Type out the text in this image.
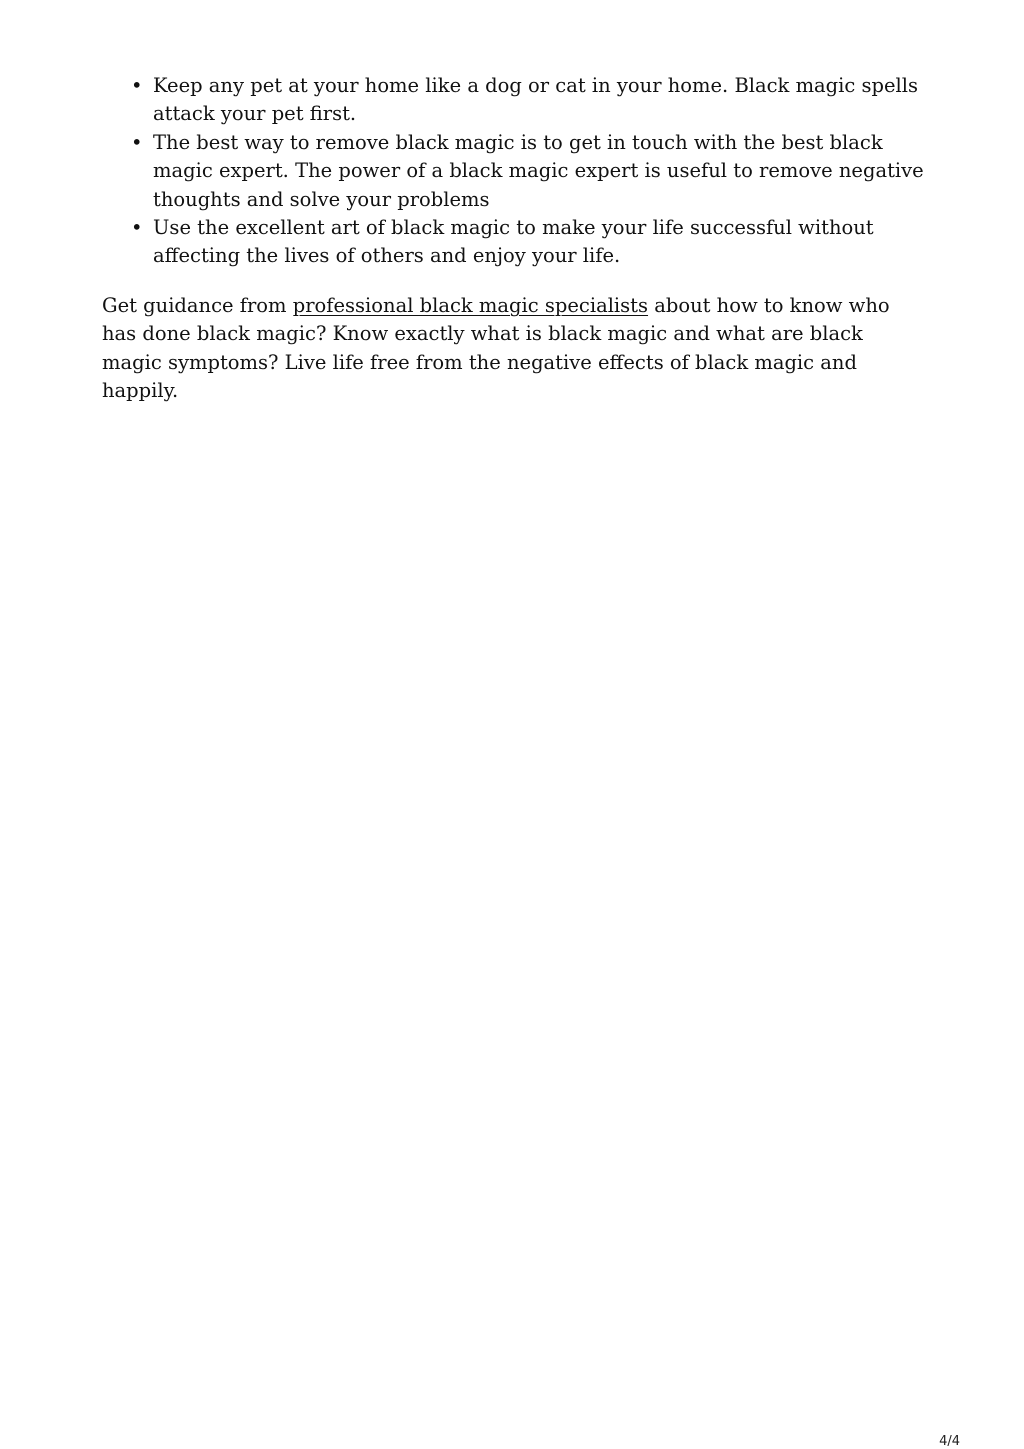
• Keep any pet at your home like a dog or cat in your home. Black magic spells attack your pet first.
• The best way to remove black magic is to get in touch with the best black magic expert. The power of a black magic expert is useful to remove negative thoughts and solve your problems
• Use the excellent art of black magic to make your life successful without affecting the lives of others and enjoy your life.

Get guidance from professional black magic specialists about how to know who has done black magic? Know exactly what is black magic and what are black magic symptoms? Live life free from the negative effects of black magic and happily.

4/4
